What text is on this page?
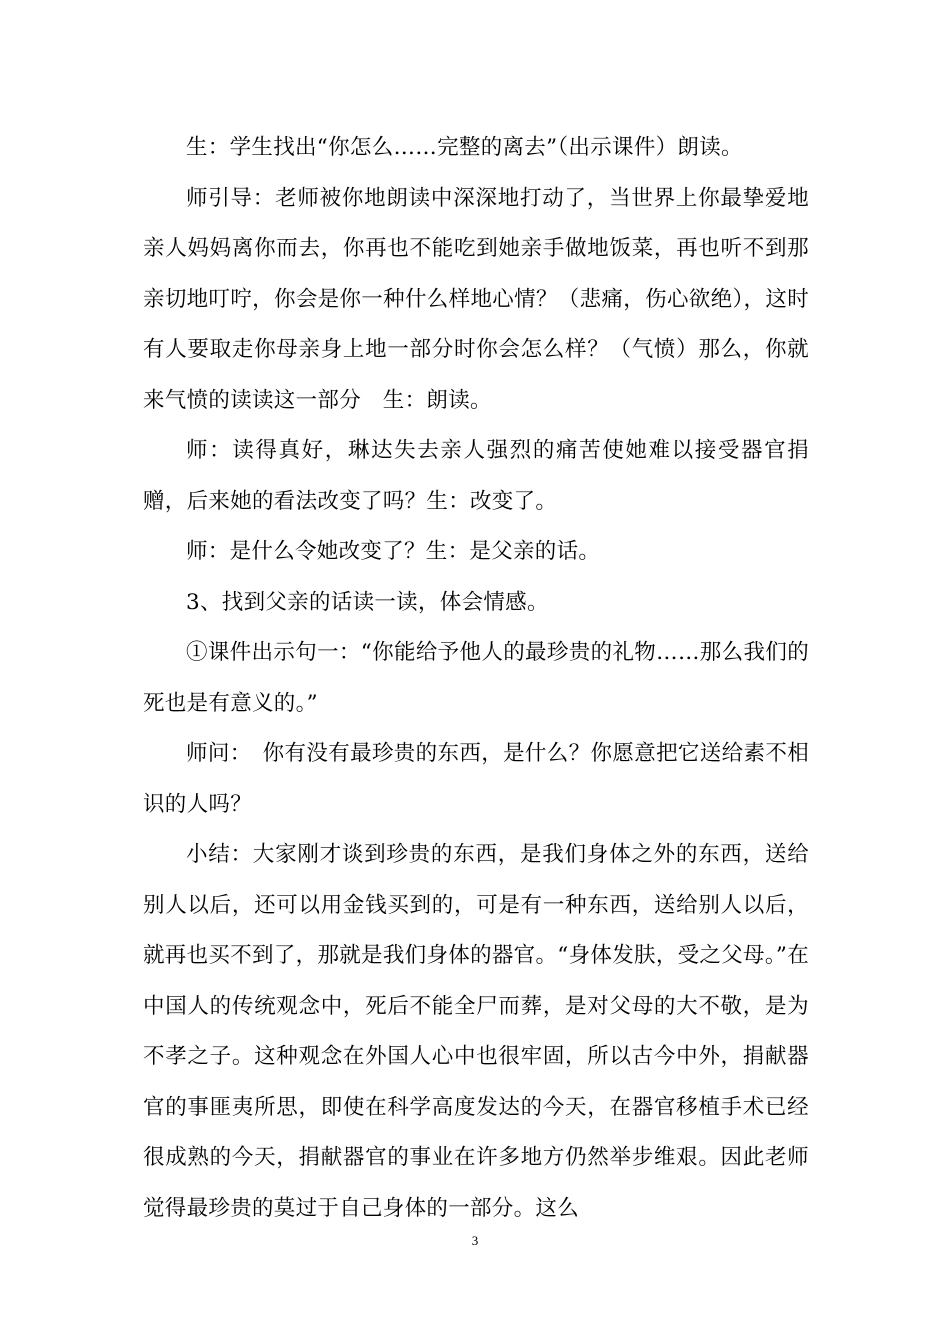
生：学生找出“你怎么……完整的离去”（出示课件）朗读。

师引导：老师被你地朗读中深深地打动了，当世界上你最挚爱地亲人妈妈离你而去，你再也不能吃到她亲手做地饭菜，再也听不到那亲切地叮咛，你会是你一种什么样地心情？（悲痛，伤心欲绝），这时有人要取走你母亲身上地一部分时你会怎么样？（气愤）那么，你就来气愤的读读这一部分　生：朗读。

师：读得真好，琳达失去亲人强烈的痛苦使她难以接受器官捐赠，后来她的看法改变了吗？生：改变了。

师：是什么令她改变了？生：是父亲的话。

3、找到父亲的话读一读，体会情感。

①课件出示句一：“你能给予他人的最珍贵的礼物……那么我们的死也是有意义的。”

师问：　你有没有最珍贵的东西，是什么？你愿意把它送给素不相识的人吗？

小结：大家刚才谈到珍贵的东西，是我们身体之外的东西，送给别人以后，还可以用金钱买到的，可是有一种东西，送给别人以后，就再也买不到了，那就是我们身体的器官。“身体发肤，受之父母。”在中国人的传统观念中，死后不能全尸而葬，是对父母的大不敬，是为不孝之子。这种观念在外国人心中也很牢固，所以古今中外，捐献器官的事匪夷所思，即使在科学高度发达的今天，在器官移植手术已经很成熟的今天，捐献器官的事业在许多地方仍然举步维艰。因此老师觉得最珍贵的莫过于自己身体的一部分。这么

3
